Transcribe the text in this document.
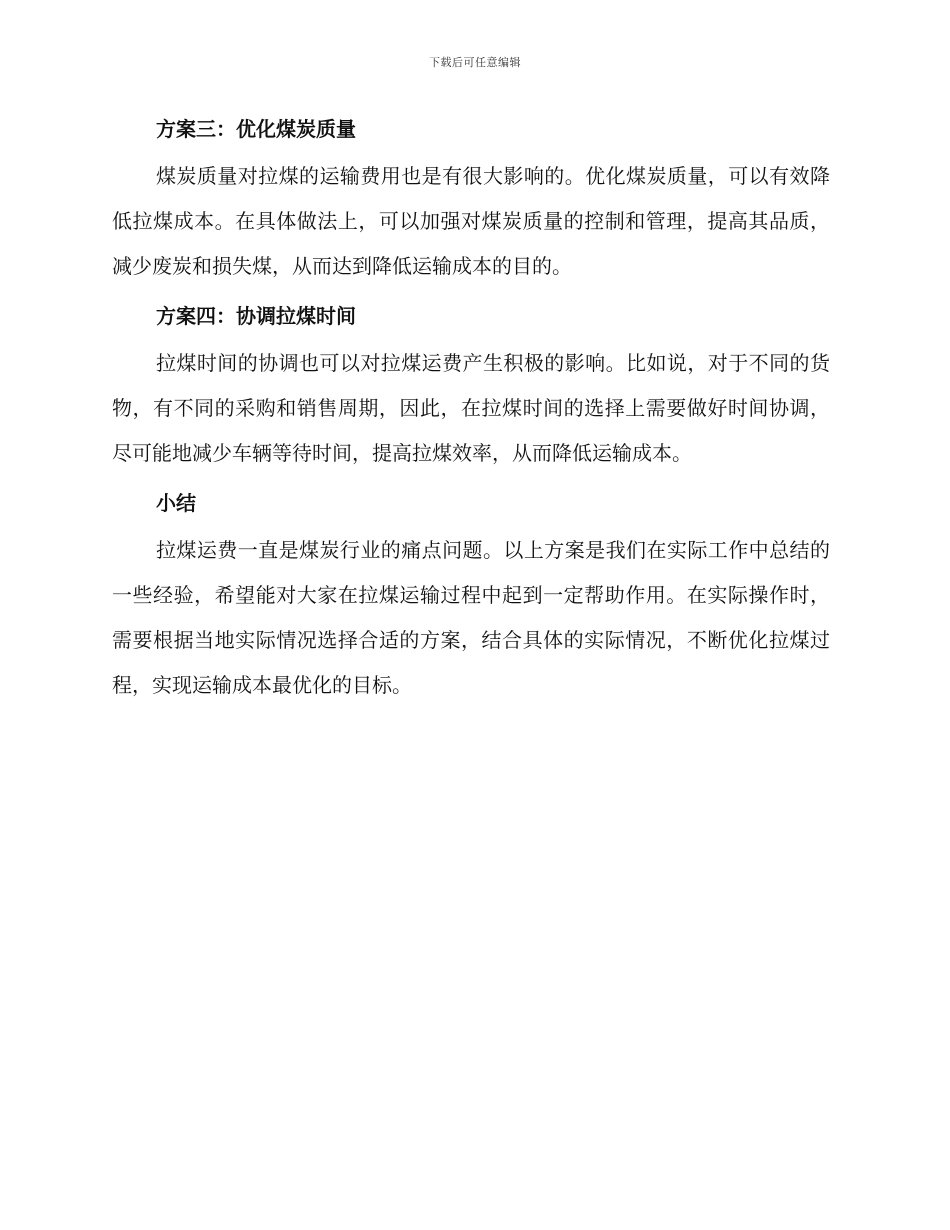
下载后可任意编辑
方案三：优化煤炭质量

煤炭质量对拉煤的运输费用也是有很大影响的。优化煤炭质量，可以有效降低拉煤成本。在具体做法上，可以加强对煤炭质量的控制和管理，提高其品质，减少废炭和损失煤，从而达到降低运输成本的目的。

方案四：协调拉煤时间

拉煤时间的协调也可以对拉煤运费产生积极的影响。比如说，对于不同的货物，有不同的采购和销售周期，因此，在拉煤时间的选择上需要做好时间协调，尽可能地减少车辆等待时间，提高拉煤效率，从而降低运输成本。

小结

拉煤运费一直是煤炭行业的痛点问题。以上方案是我们在实际工作中总结的一些经验，希望能对大家在拉煤运输过程中起到一定帮助作用。在实际操作时，需要根据当地实际情况选择合适的方案，结合具体的实际情况，不断优化拉煤过程，实现运输成本最优化的目标。
